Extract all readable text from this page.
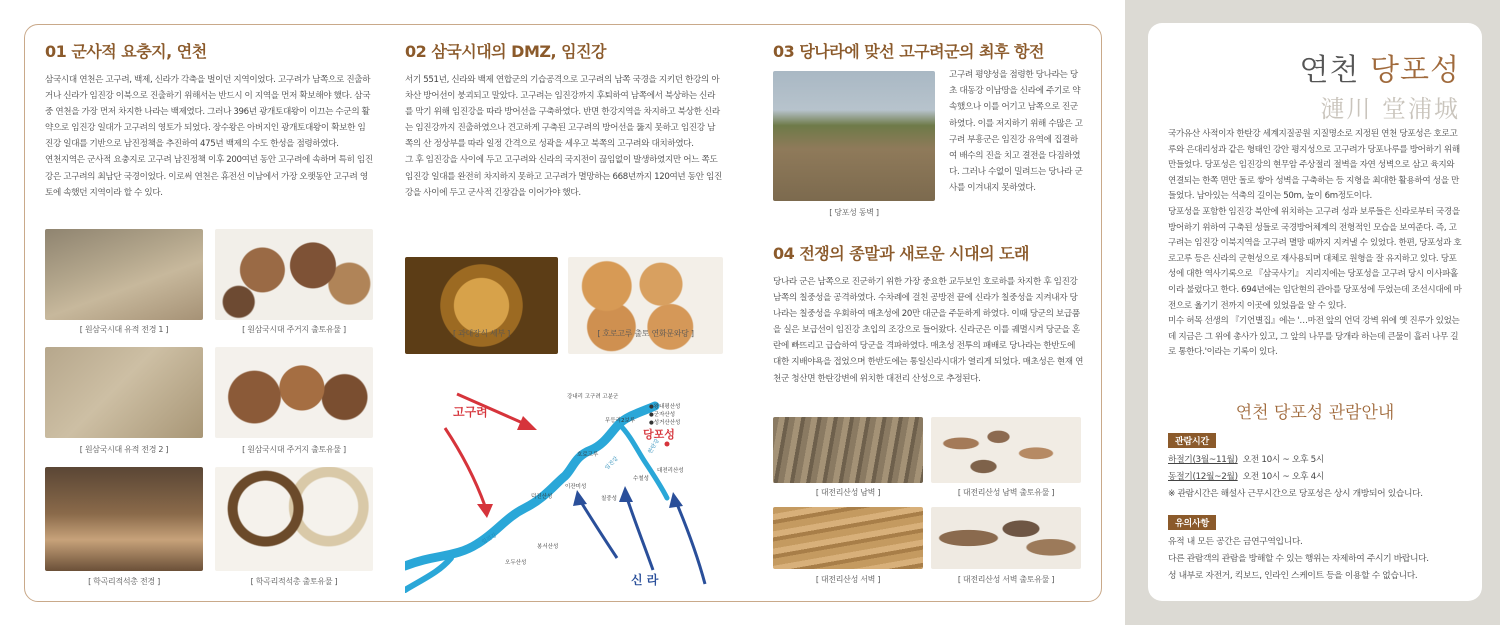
01 군사적 요충지, 연천

삼국시대 연천은 고구려, 백제, 신라가 각축을 벌이던 지역이었다. 고구려가 남쪽으로 진출하거나 신라가 임진강 이북으로 진출하기 위해서는 반드시 이 지역을 먼저 확보해야 했다. 삼국 중 연천을 가장 먼저 차지한 나라는 백제였다. 그러나 396년 광개토대왕이 이끄는 수군의 활약으로 임진강 일대가 고구려의 영토가 되었다. 장수왕은 아버지인 광개토대왕이 확보한 임진강 일대를 기반으로 남진정책을 추진하여 475년 백제의 수도 한성을 점령하였다.

연천지역은 군사적 요충지로 고구려 남진정책 이후 200여년 동안 고구려에 속하며 특히 임진강은 고구려의 최남단 국경이었다. 이로써 연천은 휴전선 이남에서 가장 오랫동안 고구려 영토에 속했던 지역이라 할 수 있다.

[ 원삼국시대 유적 전경 1 ]	[ 원삼국시대 주거지 출토유물 ]
[ 원삼국시대 유적 전경 2 ]	[ 원삼국시대 주거지 출토유물 ]
[ 학곡리적석총 전경 ]	[ 학곡리적석총 출토유물 ]
02 삼국시대의 DMZ, 임진강

서기 551년, 신라와 백제 연합군의 기습공격으로 고구려의 남쪽 국경을 지키던 한강의 아차산 방어선이 붕괴되고 말았다. 고구려는 임진강까지 후퇴하여 남쪽에서 북상하는 신라를 막기 위해 임진강을 따라 방어선을 구축하였다. 반면 한강지역을 차지하고 북상한 신라는 임진강까지 진출하였으나 견고하게 구축된 고구려의 방어선을 뚫지 못하고 임진강 남쪽의 산 정상부를 따라 일정 간격으로 성곽을 세우고 북쪽의 고구려와 대치하였다.

그 후 임진강을 사이에 두고 고구려와 신라의 국지전이 끊임없이 발생하였지만 어느 쪽도 임진강 일대를 완전히 차지하지 못하고 고구려가 멸망하는 668년까지 120여년 동안 임진강을 사이에 두고 군사적 긴장감을 이어가야 했다.

[ 과대장식 세부 ]	[ 호로고루 출토 연화문와당 ]
고구려
신 라
당포성
강내리 고구려 고분군
무등리2보루
호로고루
이잔미성
칠중성
덕진산성
봉서산성
오두산성
수철성
대전리산성
●왕내평산성
●군자산성
●성거산산성
임진강
한탄강
임진강
03 당나라에 맞선 고구려군의 최후 항전
[ 당포성 동벽 ]
고구려 평양성을 점령한 당나라는 당초 대동강 이남땅을 신라에 주기로 약속했으나 이를 어기고 남쪽으로 진군하였다. 이를 저지하기 위해 수많은 고구려 부흥군은 임진강 유역에 집결하여 배수의 진을 치고 결전을 다짐하였다. 그러나 수없이 밀려드는 당나라 군사를 이겨내지 못하였다.
04 전쟁의 종말과 새로운 시대의 도래
당나라 군은 남쪽으로 진군하기 위한 가장 중요한 교두보인 호로하를 차지한 후 임진강 남쪽의 칠중성을 공격하였다. 수차례에 걸친 공방전 끝에 신라가 칠중성을 지켜내자 당나라는 칠중성을 우회하여 매초성에 20만 대군을 주둔하게 하였다. 이때 당군의 보급품을 실은 보급선이 임진강 초입의 조강으로 들어왔다. 신라군은 이를 궤멸시켜 당군을 혼란에 빠뜨리고 급습하여 당군을 격파하였다. 매초성 전투의 패배로 당나라는 한반도에 대한 지배야욕을 접었으며 한반도에는 통일신라시대가 열리게 되었다. 매초성은 현재 연천군 청산면 한탄강변에 위치한 대전리 산성으로 추정된다.
[ 대전리산성 남벽 ]	[ 대전리산성 남벽 출토유물 ]
[ 대전리산성 서벽 ]	[ 대전리산성 서벽 출토유물 ]
연천 당포성
漣川 堂浦城

국가유산 사적이자 한탄강 세계지질공원 지질명소로 지정된 연천 당포성은 호로고루와 은대리성과 같은 형태인 강안 평지성으로 고구려가 당포나루를 방어하기 위해 만들었다. 당포성은 임진강의 현무암 주상절리 절벽을 자연 성벽으로 삼고 육지와 연결되는 한쪽 면만 돌로 쌓아 성벽을 구축하는 등 지형을 최대한 활용하여 성을 만들었다. 남아있는 석축의 길이는 50m, 높이 6m정도이다.

당포성을 포함한 임진강 북안에 위치하는 고구려 성과 보루들은 신라로부터 국경을 방어하기 위하여 구축된 성들로 국경방어체계의 전형적인 모습을 보여준다. 즉, 고구려는 임진강 이북지역을 고구려 멸망 때까지 지켜낼 수 있었다. 한편, 당포성과 호로고루 등은 신라의 군현성으로 재사용되며 대체로 원형을 잘 유지하고 있다. 당포성에 대한 역사기록으로 『삼국사기』 지리지에는 당포성을 고구려 당시 이사파홀이라 불렀다고 한다. 694년에는 임단현의 관아를 당포성에 두었는데 조선시대에 마전으로 옮기기 전까지 이곳에 있었음을 알 수 있다.

미수 허목 선생의 『기언별집』에는 '…마전 앞의 언덕 강벽 위에 옛 진루가 있었는데 지금은 그 위에 총사가 있고, 그 앞의 나무를 당개라 하는데 큰물이 흘러 나무 길로 통한다.'이라는 기록이 있다.

연천 당포성 관람안내
관람시간
하절기(3월~11월) 오전 10시 ~ 오후 5시
동절기(12월~2월) 오전 10시 ~ 오후 4시
※ 관람시간은 해설사 근무시간으로 당포성은 상시 개방되어 있습니다.
유의사항
유적 내 모든 공간은 금연구역입니다.
다른 관람객의 관람을 방해할 수 있는 행위는 자제하여 주시기 바랍니다.
성 내부로 자전거, 킥보드, 인라인 스케이트 등을 이용할 수 없습니다.
